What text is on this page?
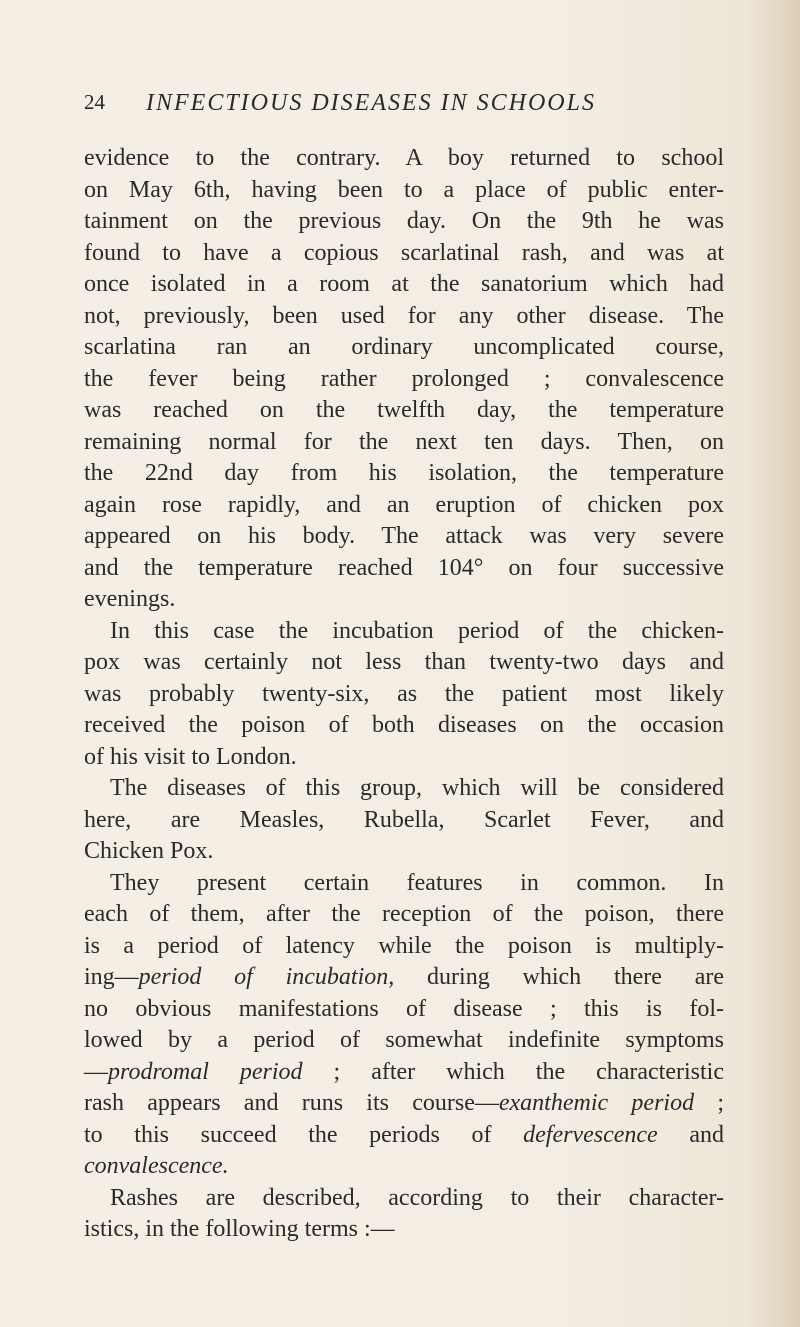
24 INFECTIOUS DISEASES IN SCHOOLS
evidence to the contrary. A boy returned to school
on May 6th, having been to a place of public enter-
tainment on the previous day. On the 9th he was
found to have a copious scarlatinal rash, and was at
once isolated in a room at the sanatorium which had
not, previously, been used for any other disease. The
scarlatina ran an ordinary uncomplicated course,
the fever being rather prolonged ; convalescence
was reached on the twelfth day, the temperature
remaining normal for the next ten days. Then, on
the 22nd day from his isolation, the temperature
again rose rapidly, and an eruption of chicken pox
appeared on his body. The attack was very severe
and the temperature reached 104° on four successive
evenings.
In this case the incubation period of the chicken-
pox was certainly not less than twenty-two days and
was probably twenty-six, as the patient most likely
received the poison of both diseases on the occasion
of his visit to London.
The diseases of this group, which will be considered
here, are Measles, Rubella, Scarlet Fever, and
Chicken Pox.
They present certain features in common. In
each of them, after the reception of the poison, there
is a period of latency while the poison is multiply-
ing—period of incubation, during which there are
no obvious manifestations of disease ; this is fol-
lowed by a period of somewhat indefinite symptoms
—prodromal period ; after which the characteristic
rash appears and runs its course—exanthemic period ;
to this succeed the periods of defervescence and
convalescence.
Rashes are described, according to their character-
istics, in the following terms :—
